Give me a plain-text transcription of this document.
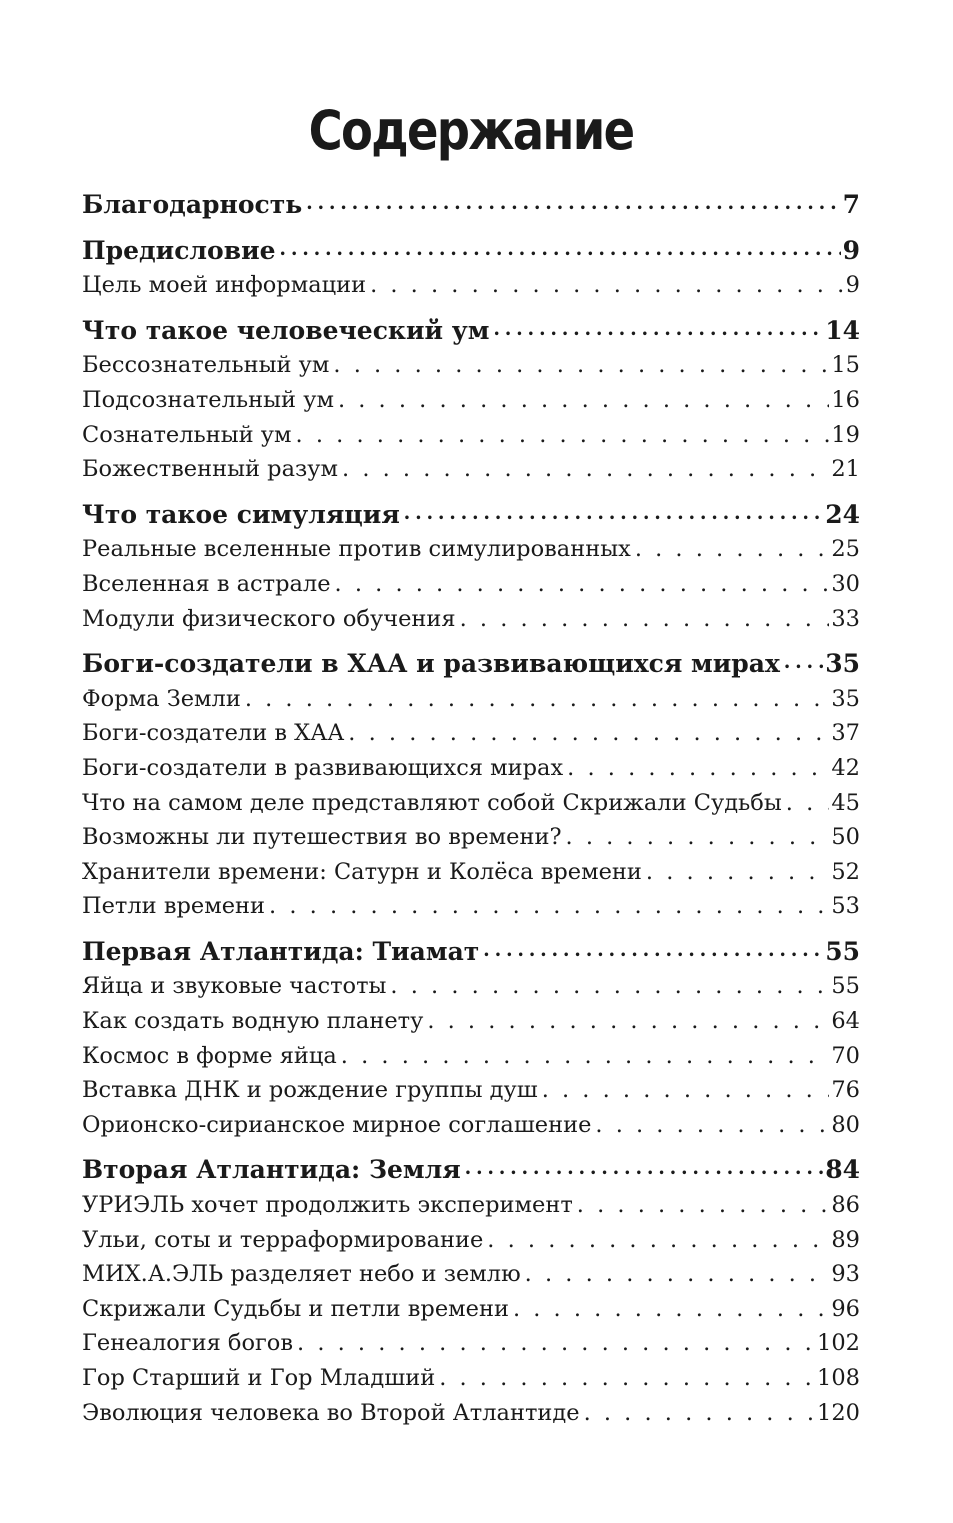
Содержание
Благодарность •••••	7
Предисловие •••••	9
Цель моей информации . . .	9
Что такое человеческий ум •••••	14
Бессознательный ум . . .	15
Подсознательный ум . . .	16
Сознательный ум . . .	19
Божественный разум . . .	21
Что такое симуляция •••••	24
Реальные вселенные против симулированных . . .	25
Вселенная в астрале . . .	30
Модули физического обучения . . .	33
Боги-создатели в ХАА и развивающихся мирах ••••• 35
Форма Земли . . .	35
Боги-создатели в ХАА . . .	37
Боги-создатели в развивающихся мирах . . .	42
Что на самом деле представляют собой Скрижали Судьбы . . . 45
Возможны ли путешествия во времени? . . .	50
Хранители времени: Сатурн и Колёса времени . . .	52
Петли времени . . .	53
Первая Атлантида: Тиамат •••••	55
Яйца и звуковые частоты . . .	55
Как создать водную планету . . .	64
Космос в форме яйца . . .	70
Вставка ДНК и рождение группы душ . . .	76
Орионско-сирианское мирное соглашение . . .	80
Вторая Атлантида: Земля •••••	84
УРИЭЛЬ хочет продолжить эксперимент . . .	86
Ульи, соты и терраформирование . . .	89
МИХ.А.ЭЛЬ разделяет небо и землю . . .	93
Скрижали Судьбы и петли времени . . .	96
Генеалогия богов . . .	102
Гор Старший и Гор Младший . . .	108
Эволюция человека во Второй Атлантиде . . .	120
